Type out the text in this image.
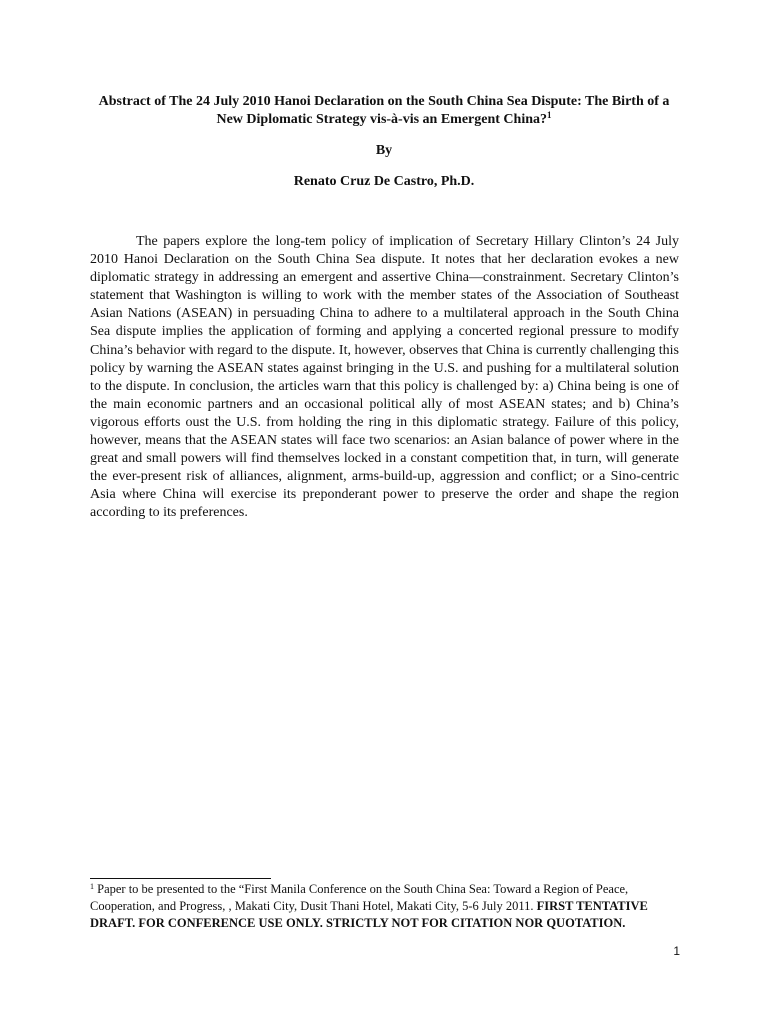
Abstract of The 24 July 2010 Hanoi Declaration on the South China Sea Dispute: The Birth of a New Diplomatic Strategy vis-à-vis an Emergent China?$^1$
By
Renato Cruz De Castro, Ph.D.

The papers explore the long-tem policy of implication of Secretary Hillary Clinton’s 24 July 2010 Hanoi Declaration on the South China Sea dispute. It notes that her declaration evokes a new diplomatic strategy in addressing an emergent and assertive China—constrainment. Secretary Clinton’s statement that Washington is willing to work with the member states of the Association of Southeast Asian Nations (ASEAN) in persuading China to adhere to a multilateral approach in the South China Sea dispute implies the application of forming and applying a concerted regional pressure to modify China’s behavior with regard to the dispute. It, however, observes that China is currently challenging this policy by warning the ASEAN states against bringing in the U.S. and pushing for a multilateral solution to the dispute. In conclusion, the articles warn that this policy is challenged by: a) China being is one of the main economic partners and an occasional political ally of most ASEAN states; and b) China’s vigorous efforts oust the U.S. from holding the ring in this diplomatic strategy. Failure of this policy, however, means that the ASEAN states will face two scenarios: an Asian balance of power where in the great and small powers will find themselves locked in a constant competition that, in turn, will generate the ever-present risk of alliances, alignment, arms-build-up, aggression and conflict; or a Sino-centric Asia where China will exercise its preponderant power to preserve the order and shape the region according to its preferences.

$^1$ Paper to be presented to the “First Manila Conference on the South China Sea: Toward a Region of Peace, Cooperation, and Progress, , Makati City, Dusit Thani Hotel, Makati City, 5-6 July 2011. FIRST TENTATIVE DRAFT. FOR CONFERENCE USE ONLY. STRICTLY NOT FOR CITATION NOR QUOTATION.

1
